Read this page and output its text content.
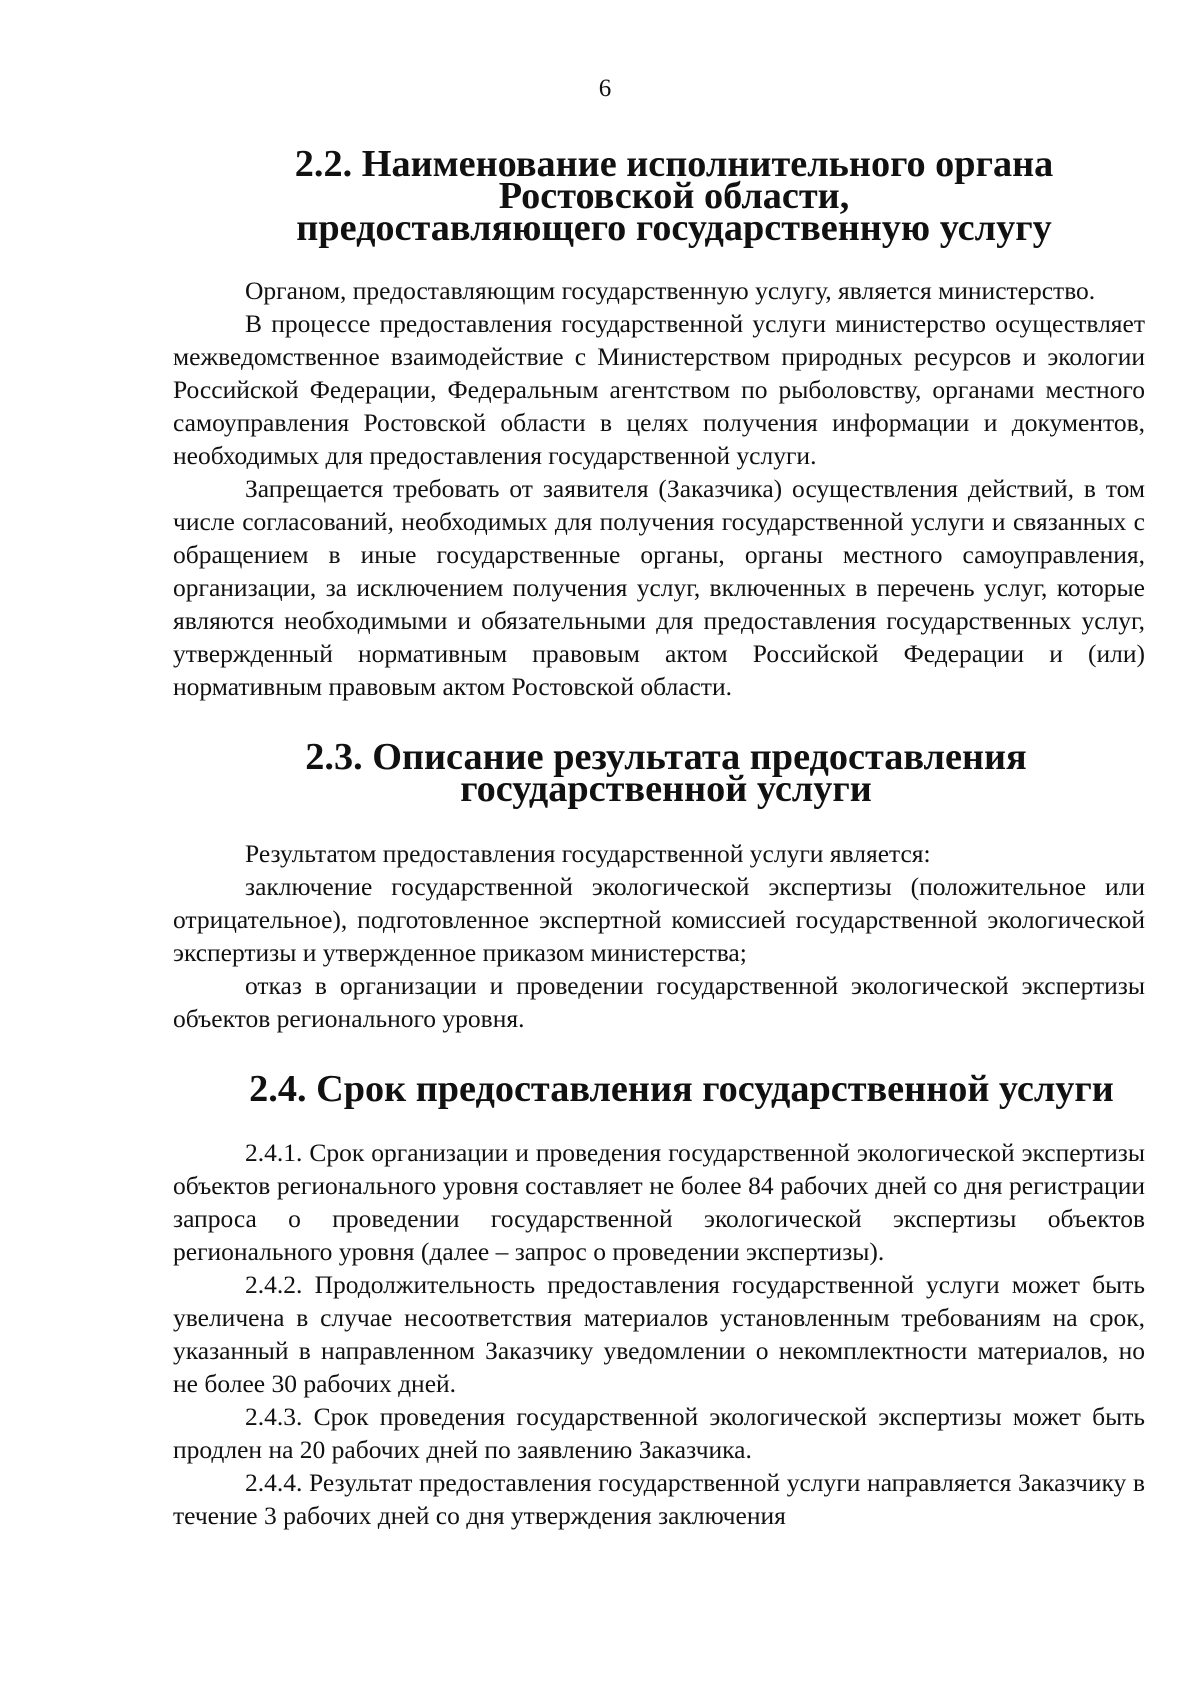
6
2.2. Наименование исполнительного органа Ростовской области,
предоставляющего государственную услугу

Органом, предоставляющим государственную услугу, является министерство.

В процессе предоставления государственной услуги министерство осуществляет межведомственное взаимодействие с Министерством природных ресурсов и экологии Российской Федерации, Федеральным агентством по рыболовству, органами местного самоуправления Ростовской области в целях получения информации и документов, необходимых для предоставления государственной услуги.

Запрещается требовать от заявителя (Заказчика) осуществления действий, в том числе согласований, необходимых для получения государственной услуги и связанных с обращением в иные государственные органы, органы местного самоуправления, организации, за исключением получения услуг, включенных в перечень услуг, которые являются необходимыми и обязательными для предоставления государственных услуг, утвержденный нормативным правовым актом Российской Федерации и (или) нормативным правовым актом Ростовской области.

2.3. Описание результата предоставления государственной услуги

Результатом предоставления государственной услуги является:

заключение государственной экологической экспертизы (положительное или отрицательное), подготовленное экспертной комиссией государственной экологической экспертизы и утвержденное приказом министерства;

отказ в организации и проведении государственной экологической экспертизы объектов регионального уровня.

2.4. Срок предоставления государственной услуги

2.4.1. Срок организации и проведения государственной экологической экспертизы объектов регионального уровня составляет не более 84 рабочих дней со дня регистрации запроса о проведении государственной экологической экспертизы объектов регионального уровня (далее – запрос о проведении экспертизы).

2.4.2. Продолжительность предоставления государственной услуги может быть увеличена в случае несоответствия материалов установленным требованиям на срок, указанный в направленном Заказчику уведомлении о некомплектности материалов, но не более 30 рабочих дней.

2.4.3. Срок проведения государственной экологической экспертизы может быть продлен на 20 рабочих дней по заявлению Заказчика.

2.4.4. Результат предоставления государственной услуги направляется Заказчику в течение 3 рабочих дней со дня утверждения заключения
